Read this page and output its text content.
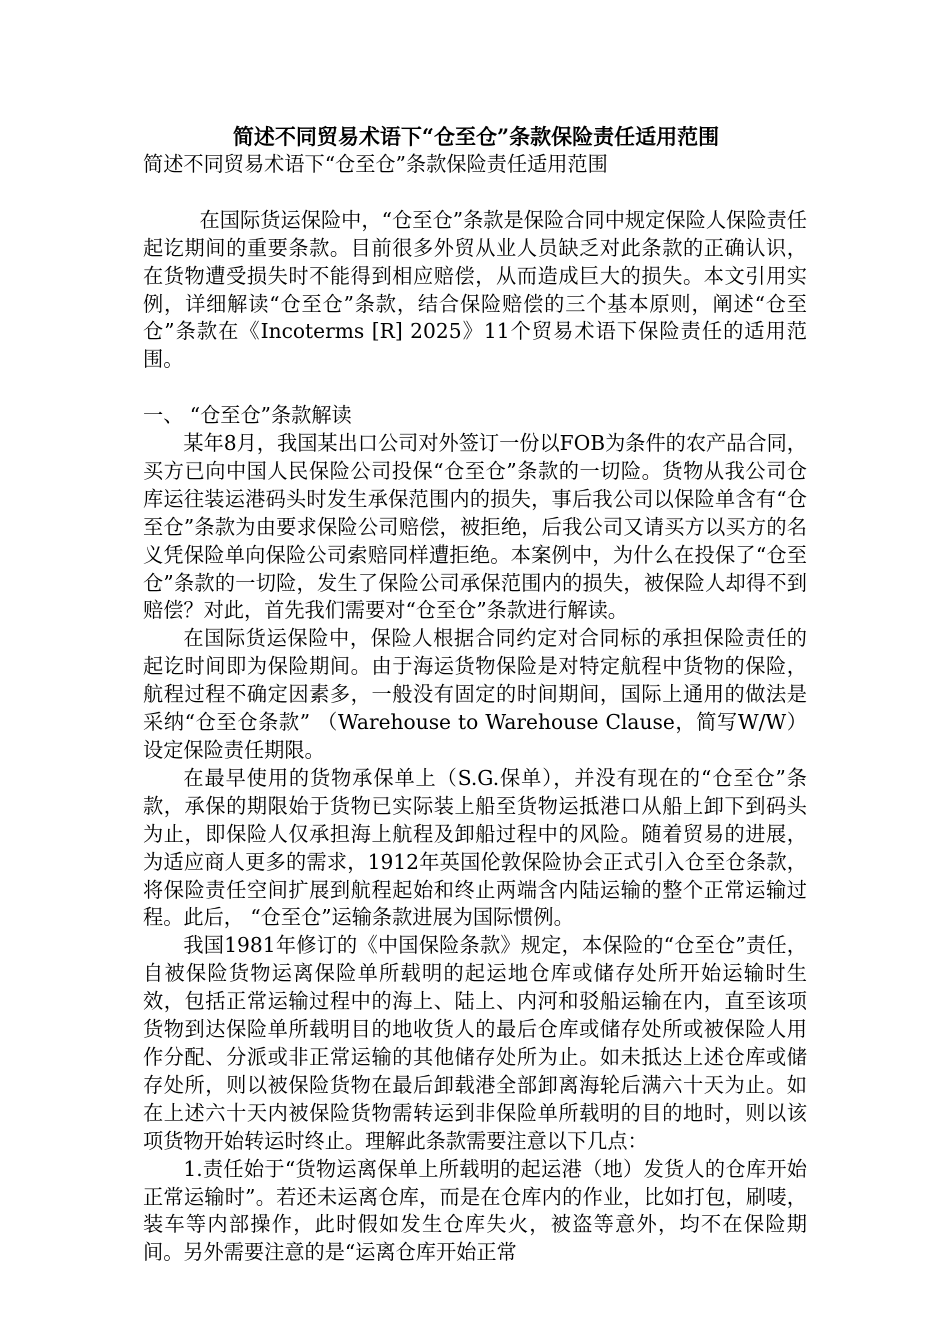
简述不同贸易术语下“仓至仓”条款保险责任适用范围

简述不同贸易术语下“仓至仓”条款保险责任适用范围

在国际货运保险中，“仓至仓”条款是保险合同中规定保险人保险责任起讫期间的重要条款。目前很多外贸从业人员缺乏对此条款的正确认识，在货物遭受损失时不能得到相应赔偿，从而造成巨大的损失。本文引用实例，详细解读“仓至仓”条款，结合保险赔偿的三个基本原则，阐述“仓至仓”条款在《Incoterms [R] 2025》11个贸易术语下保险责任的适用范围。

一、 “仓至仓”条款解读

某年8月，我国某出口公司对外签订一份以FOB为条件的农产品合同，买方已向中国人民保险公司投保“仓至仓”条款的一切险。货物从我公司仓库运往装运港码头时发生承保范围内的损失，事后我公司以保险单含有“仓至仓”条款为由要求保险公司赔偿，被拒绝，后我公司又请买方以买方的名义凭保险单向保险公司索赔同样遭拒绝。本案例中，为什么在投保了“仓至仓”条款的一切险，发生了保险公司承保范围内的损失，被保险人却得不到赔偿？对此，首先我们需要对“仓至仓”条款进行解读。

在国际货运保险中，保险人根据合同约定对合同标的承担保险责任的起讫时间即为保险期间。由于海运货物保险是对特定航程中货物的保险，航程过程不确定因素多，一般没有固定的时间期间，国际上通用的做法是采纳“仓至仓条款” （Warehouse to Warehouse Clause，简写W/W）设定保险责任期限。

在最早使用的货物承保单上（S.G.保单），并没有现在的“仓至仓”条款，承保的期限始于货物已实际装上船至货物运抵港口从船上卸下到码头为止，即保险人仅承担海上航程及卸船过程中的风险。随着贸易的进展，为适应商人更多的需求，1912年英国伦敦保险协会正式引入仓至仓条款，将保险责任空间扩展到航程起始和终止两端含内陆运输的整个正常运输过程。此后， “仓至仓”运输条款进展为国际惯例。

我国1981年修订的《中国保险条款》规定，本保险的“仓至仓”责任，自被保险货物运离保险单所载明的起运地仓库或储存处所开始运输时生效，包括正常运输过程中的海上、陆上、内河和驳船运输在内，直至该项货物到达保险单所载明目的地收货人的最后仓库或储存处所或被保险人用作分配、分派或非正常运输的其他储存处所为止。如未抵达上述仓库或储存处所，则以被保险货物在最后卸载港全部卸离海轮后满六十天为止。如在上述六十天内被保险货物需转运到非保险单所载明的目的地时，则以该项货物开始转运时终止。理解此条款需要注意以下几点：

1.责任始于“货物运离保单上所载明的起运港（地）发货人的仓库开始正常运输时”。若还未运离仓库，而是在仓库内的作业，比如打包，刷唛，装车等内部操作，此时假如发生仓库失火，被盗等意外，均不在保险期间。另外需要注意的是“运离仓库开始正常
